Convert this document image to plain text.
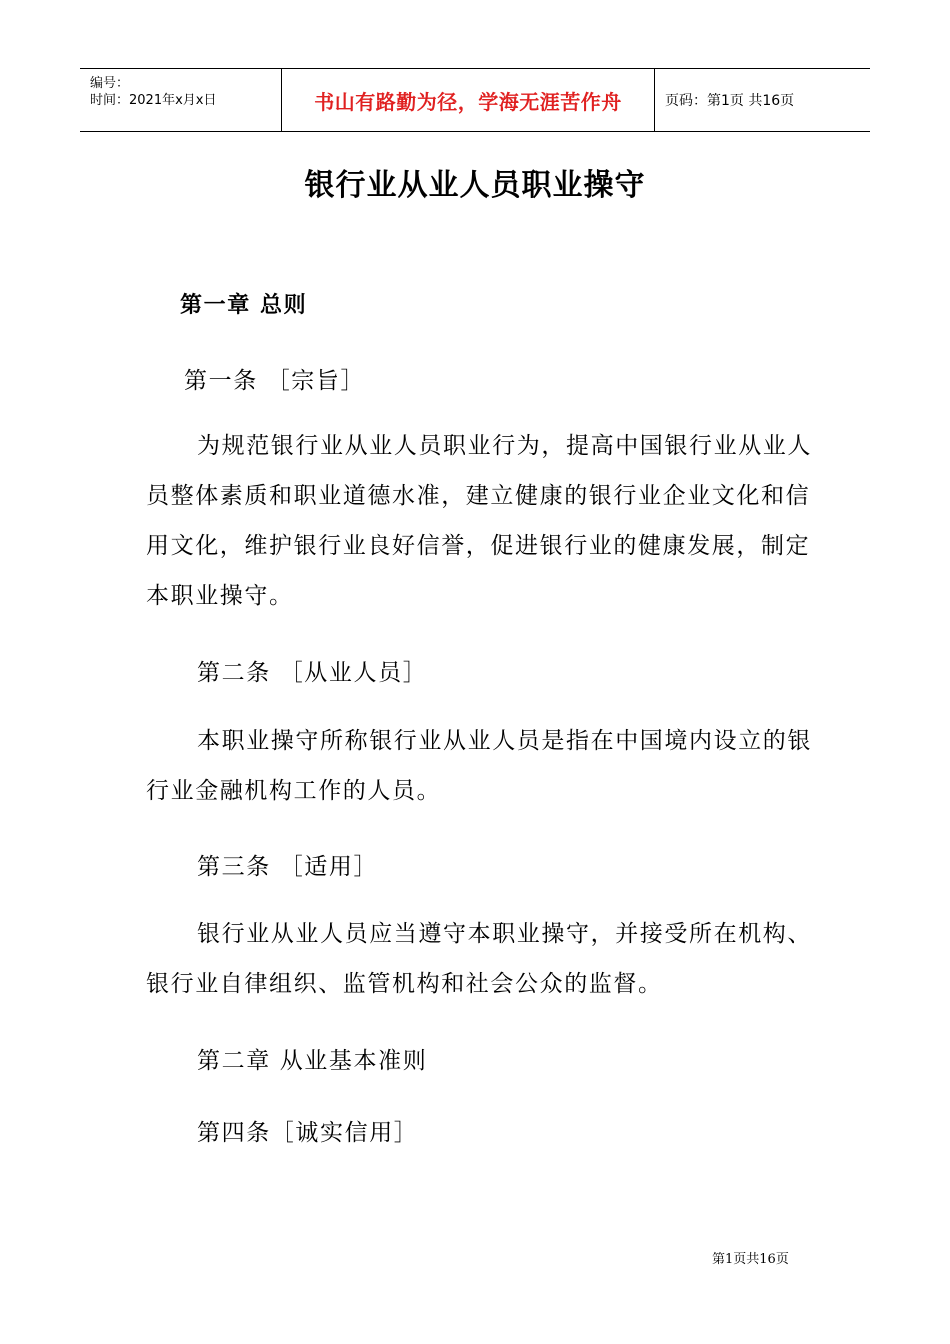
编号：
时间：2021年x月x日	书山有路勤为径，学海无涯苦作舟	页码：第1页 共16页
银行业从业人员职业操守
第一章 总则
第一条 ［宗旨］
为规范银行业从业人员职业行为，提高中国银行业从业人员整体素质和职业道德水准，建立健康的银行业企业文化和信用文化，维护银行业良好信誉，促进银行业的健康发展，制定本职业操守。
第二条 ［从业人员］
本职业操守所称银行业从业人员是指在中国境内设立的银行业金融机构工作的人员。
第三条 ［适用］
银行业从业人员应当遵守本职业操守，并接受所在机构、银行业自律组织、监管机构和社会公众的监督。
第二章 从业基本准则
第四条［诚实信用］
第1页共16页
